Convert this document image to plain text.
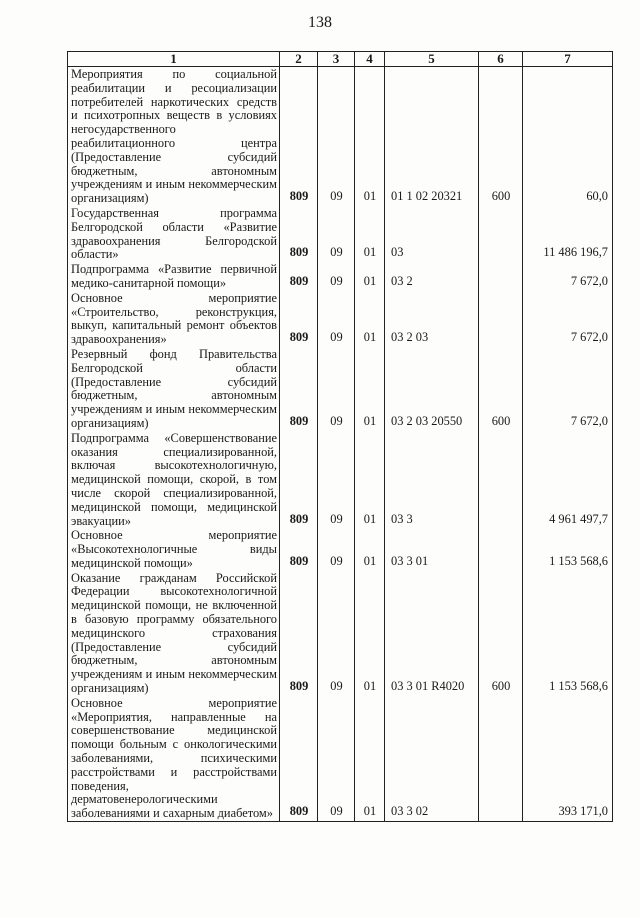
138
1	2	3	4	5	6	7
Мероприятия по социальной реабилитации и ресоциализации потребителей наркотических средств и психотропных веществ в условиях негосударственного реабилитационного центра (Предоставление субсидий бюджетным, автономным учреждениям и иным некоммерческим организациям)	809	09	01	01 1 02 20321	600	60,0
Государственная программа Белгородской области «Развитие здравоохранения Белгородской области»	809	09	01	03		11 486 196,7
Подпрограмма «Развитие первичной медико-санитарной помощи»	809	09	01	03 2		7 672,0
Основное мероприятие «Строительство, реконструкция, выкуп, капитальный ремонт объектов здравоохранения»	809	09	01	03 2 03		7 672,0
Резервный фонд Правительства Белгородской области (Предоставление субсидий бюджетным, автономным учреждениям и иным некоммерческим организациям)	809	09	01	03 2 03 20550	600	7 672,0
Подпрограмма «Совершенствование оказания специализированной, включая высокотехнологичную, медицинской помощи, скорой, в том числе скорой специализированной, медицинской помощи, медицинской эвакуации»	809	09	01	03 3		4 961 497,7
Основное мероприятие «Высокотехнологичные виды медицинской помощи»	809	09	01	03 3 01		1 153 568,6
Оказание гражданам Российской Федерации высокотехнологичной медицинской помощи, не включенной в базовую программу обязательного медицинского страхования (Предоставление субсидий бюджетным, автономным учреждениям и иным некоммерческим организациям)	809	09	01	03 3 01 R4020	600	1 153 568,6
Основное мероприятие «Мероприятия, направленные на совершенствование медицинской помощи больным с онкологическими заболеваниями, психическими расстройствами и расстройствами поведения, дерматовенерологическими заболеваниями и сахарным диабетом»	809	09	01	03 3 02		393 171,0
